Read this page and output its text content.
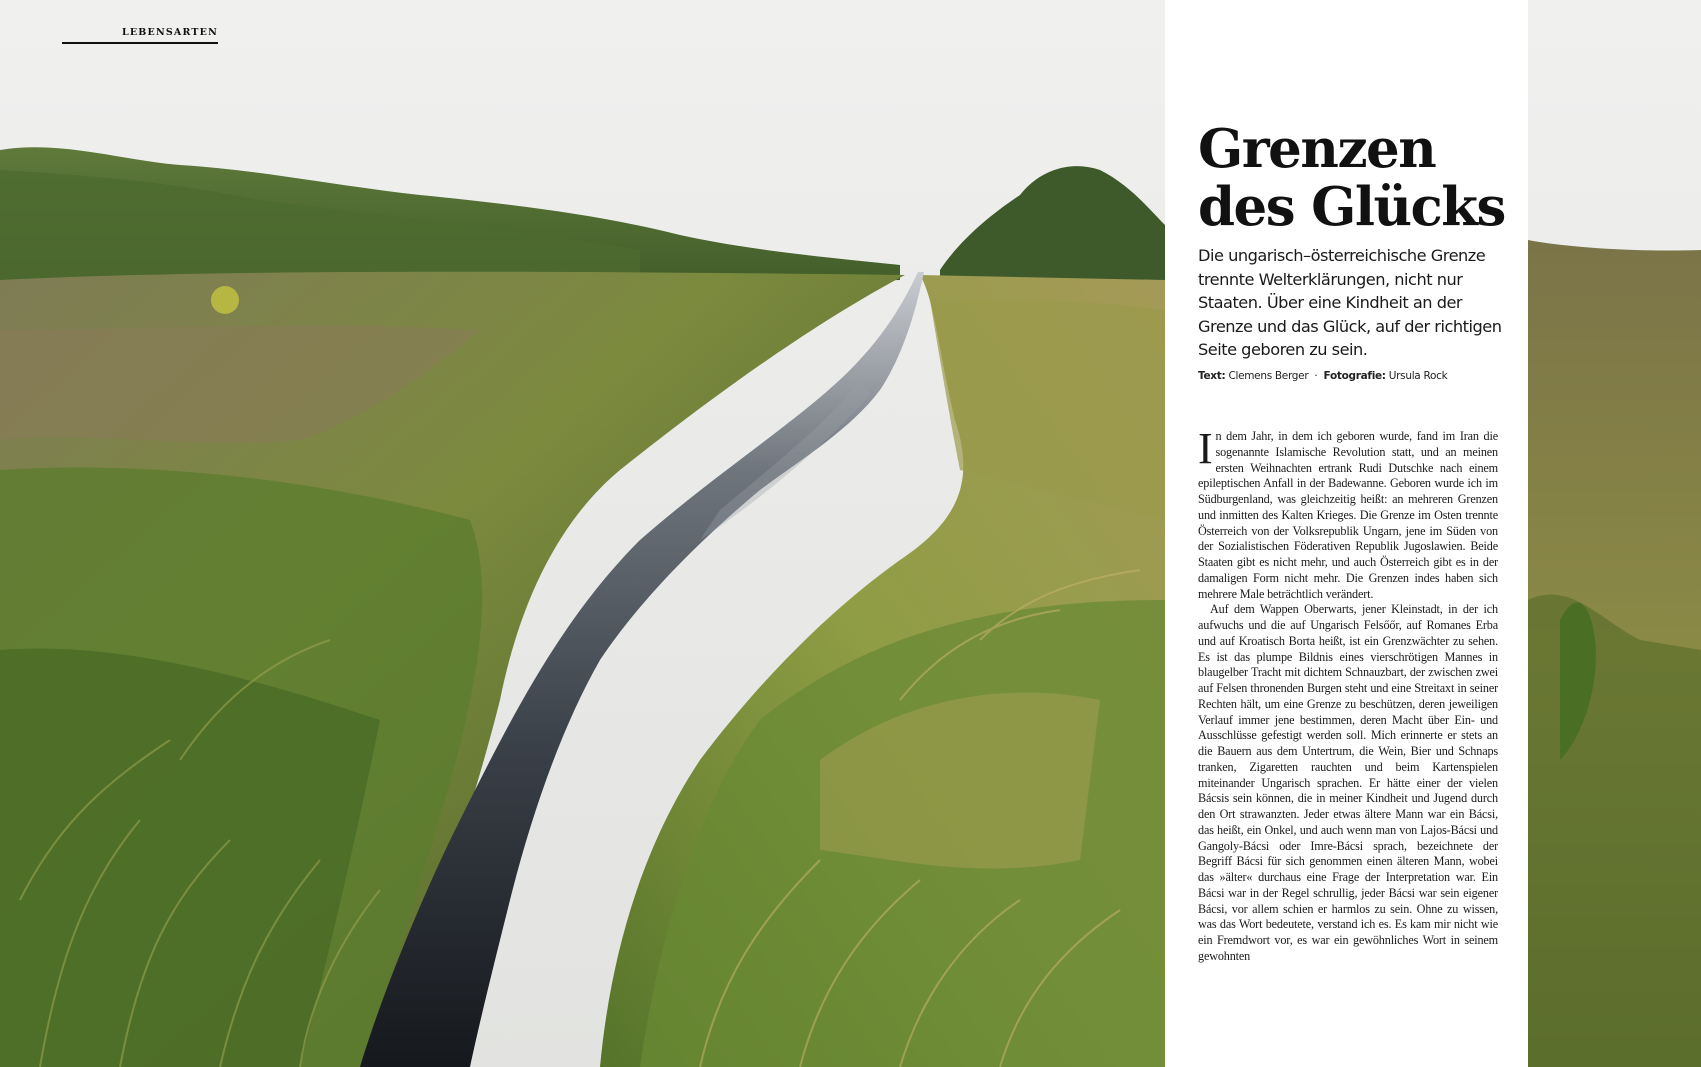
LEBENSARTEN
Grenzen
des Glücks

Die ungarisch–österreichische Grenze trennte Welterklärungen, nicht nur Staaten. Über eine Kindheit an der Grenze und das Glück, auf der richtigen Seite geboren zu sein.

Text: Clemens Berger · Fotografie: Ursula Rock

In dem Jahr, in dem ich geboren wurde, fand im Iran die sogenannte Islamische Revolution statt, und an meinen ersten Weihnachten ertrank Rudi Dutschke nach einem epileptischen Anfall in der Badewanne. Geboren wurde ich im Südburgenland, was gleichzeitig heißt: an mehreren Grenzen und inmitten des Kalten Krieges. Die Grenze im Osten trennte Österreich von der Volksrepublik Ungarn, jene im Süden von der Sozialistischen Föderativen Republik Jugoslawien. Beide Staaten gibt es nicht mehr, und auch Österreich gibt es in der damaligen Form nicht mehr. Die Grenzen indes haben sich mehrere Male beträchtlich verändert.

Auf dem Wappen Oberwarts, jener Kleinstadt, in der ich aufwuchs und die auf Ungarisch Felsőőr, auf Romanes Erba und auf Kroatisch Borta heißt, ist ein Grenzwächter zu sehen. Es ist das plumpe Bildnis eines vierschrötigen Mannes in blaugelber Tracht mit dichtem Schnauzbart, der zwischen zwei auf Felsen thronenden Burgen steht und eine Streitaxt in seiner Rechten hält, um eine Grenze zu beschützen, deren jeweiligen Verlauf immer jene bestimmen, deren Macht über Ein- und Ausschlüsse gefestigt werden soll. Mich erinnerte er stets an die Bauern aus dem Untertrum, die Wein, Bier und Schnaps tranken, Zigaretten rauchten und beim Kartenspielen miteinander Ungarisch sprachen. Er hätte einer der vielen Bácsis sein können, die in meiner Kindheit und Jugend durch den Ort strawanzten. Jeder etwas ältere Mann war ein Bácsi, das heißt, ein Onkel, und auch wenn man von Lajos-Bácsi und Gangoly-Bácsi oder Imre-Bácsi sprach, bezeichnete der Begriff Bácsi für sich genommen einen älteren Mann, wobei das »älter« durchaus eine Frage der Interpretation war. Ein Bácsi war in der Regel schrullig, jeder Bácsi war sein eigener Bácsi, vor allem schien er harmlos zu sein. Ohne zu wissen, was das Wort bedeutete, verstand ich es. Es kam mir nicht wie ein Fremdwort vor, es war ein gewöhnliches Wort in seinem gewohnten
